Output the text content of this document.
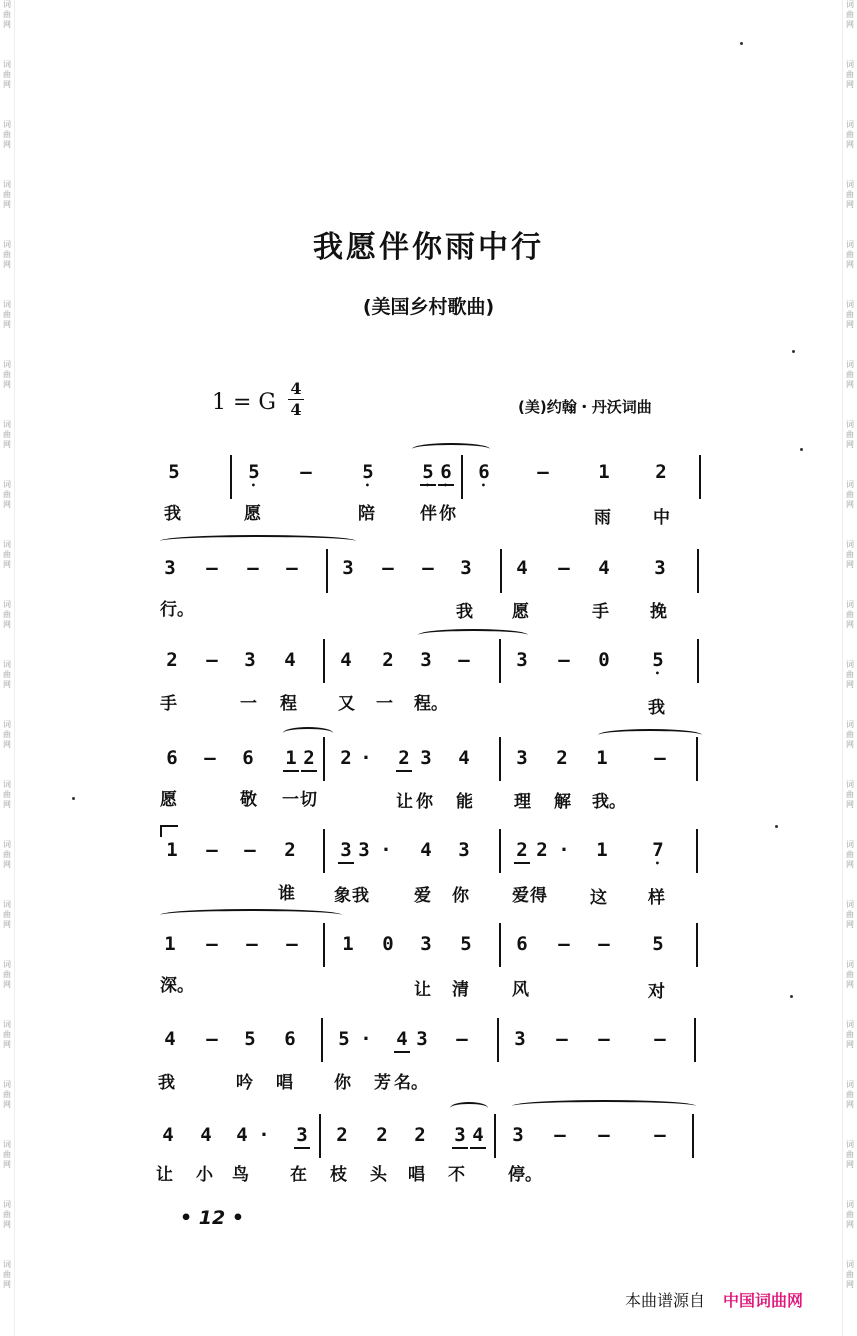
词曲网
词曲网
词曲网
词曲网
词曲网
词曲网
词曲网
词曲网
词曲网
词曲网
词曲网
词曲网
词曲网
词曲网
词曲网
词曲网
词曲网
词曲网
词曲网
词曲网
词曲网
词曲网
词曲网
词曲网
词曲网
词曲网
词曲网
词曲网
词曲网
词曲网
词曲网
词曲网
词曲网
词曲网
词曲网
词曲网
词曲网
词曲网
词曲网
词曲网
词曲网
词曲网
词曲网
词曲网
我愿伴你雨中行
(美国乡村歌曲)
1 = G
4
4	(美)约翰・丹沃词曲
5	5 • —	5 •	5 • 6 • 6 •	—	1 2
我	愿	陪	伴 你	雨 中
3 — — — 3 — — 3 4 — 4 3
行。	我 愿	手 挽
2 — 3 4 4 2 3 — 3 — 0 5 •
手	一 程 又 一 程。	我
6 — 6 1 2 2 · 2 3 4 3 2 1 —
愿	敬 一 切	让 你 能 理 解 我。
1 — — 2 3 3 · 4 3 2 2 · 1 7 •
谁 象 我	爱 你	爱 得	这 样
1 — — — 1 0 3 5 6 — — 5
深。	让 清	风	对
4 — 5 6 5 · 4 3 — 3 — — —
我	吟 唱 你 芳 名。
4 4 4 · 3 2 2 2 3 4 3 — — —
让 小 鸟 在 枝 头 唱 不	停。
• 12 •
本曲谱源自 中国词曲网
